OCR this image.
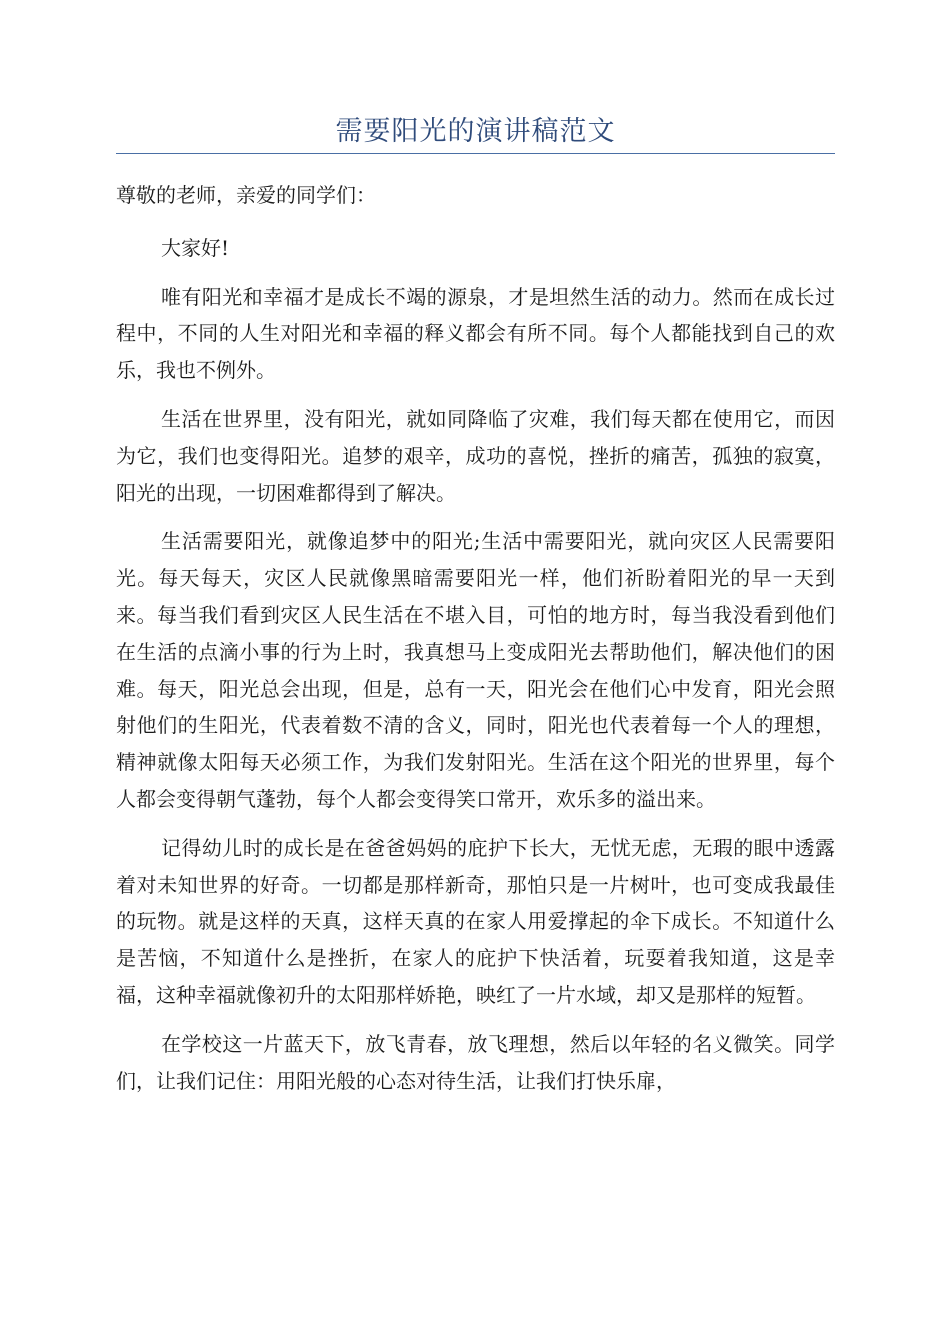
需要阳光的演讲稿范文

尊敬的老师，亲爱的同学们：

大家好!

唯有阳光和幸福才是成长不竭的源泉，才是坦然生活的动力。然而在成长过程中，不同的人生对阳光和幸福的释义都会有所不同。每个人都能找到自己的欢乐，我也不例外。

生活在世界里，没有阳光，就如同降临了灾难，我们每天都在使用它，而因为它，我们也变得阳光。追梦的艰辛，成功的喜悦，挫折的痛苦，孤独的寂寞，阳光的出现，一切困难都得到了解决。

生活需要阳光，就像追梦中的阳光;生活中需要阳光，就向灾区人民需要阳光。每天每天，灾区人民就像黑暗需要阳光一样，他们祈盼着阳光的早一天到来。每当我们看到灾区人民生活在不堪入目，可怕的地方时，每当我没看到他们在生活的点滴小事的行为上时，我真想马上变成阳光去帮助他们，解决他们的困难。每天，阳光总会出现，但是，总有一天，阳光会在他们心中发育，阳光会照射他们的生阳光，代表着数不清的含义，同时，阳光也代表着每一个人的理想，精神就像太阳每天必须工作，为我们发射阳光。生活在这个阳光的世界里，每个人都会变得朝气蓬勃，每个人都会变得笑口常开，欢乐多的溢出来。

记得幼儿时的成长是在爸爸妈妈的庇护下长大，无忧无虑，无瑕的眼中透露着对未知世界的好奇。一切都是那样新奇，那怕只是一片树叶，也可变成我最佳的玩物。就是这样的天真，这样天真的在家人用爱撑起的伞下成长。不知道什么是苦恼，不知道什么是挫折，在家人的庇护下快活着，玩耍着我知道，这是幸福，这种幸福就像初升的太阳那样娇艳，映红了一片水域，却又是那样的短暂。

在学校这一片蓝天下，放飞青春，放飞理想，然后以年轻的名义微笑。同学们，让我们记住：用阳光般的心态对待生活，让我们打快乐扉，
